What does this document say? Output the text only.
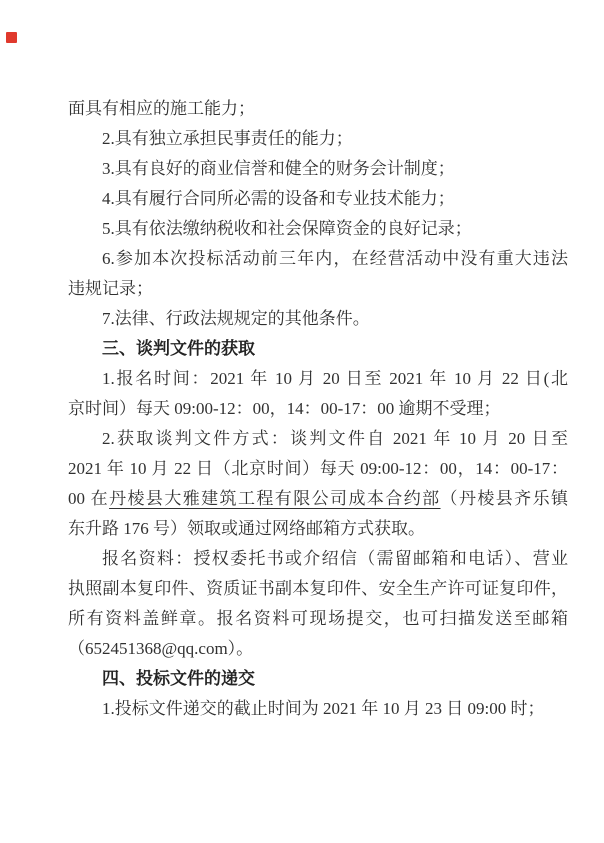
面具有相应的施工能力；
2.具有独立承担民事责任的能力；
3.具有良好的商业信誉和健全的财务会计制度；
4.具有履行合同所必需的设备和专业技术能力；
5.具有依法缴纳税收和社会保障资金的良好记录；
6.参加本次投标活动前三年内，在经营活动中没有重大违法
违规记录；
7.法律、行政法规规定的其他条件。
三、谈判文件的获取
1.报名时间：2021 年 10 月 20 日至 2021 年 10 月 22 日(北
京时间）每天 09:00-12：00，14：00-17：00 逾期不受理；
2.获取谈判文件方式：谈判文件自 2021 年 10 月 20 日至
2021 年 10 月 22 日（北京时间）每天 09:00-12：00，14：00-17：
00 在丹棱县大雅建筑工程有限公司成本合约部（丹棱县齐乐镇
东升路 176 号）领取或通过网络邮箱方式获取。
报名资料：授权委托书或介绍信（需留邮箱和电话）、营业
执照副本复印件、资质证书副本复印件、安全生产许可证复印件，
所有资料盖鲜章。报名资料可现场提交，也可扫描发送至邮箱
（652451368@qq.com）。
四、投标文件的递交
1.投标文件递交的截止时间为 2021 年 10 月 23 日 09:00 时；
